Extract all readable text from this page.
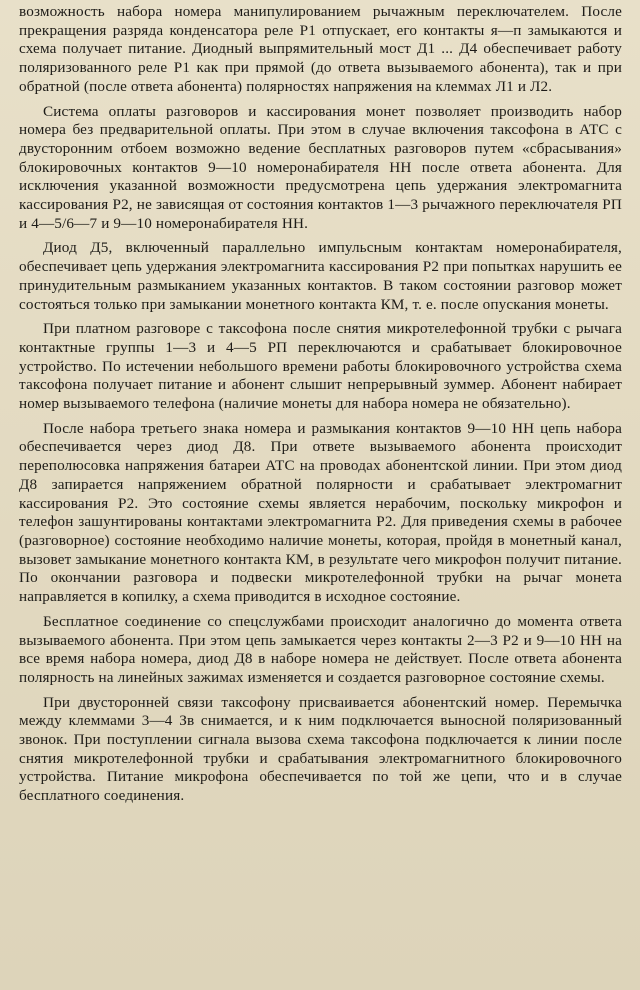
возможность набора номера манипулированием рычажным переключателем. После прекращения разряда конденсатора реле Р1 отпускает, его контакты я—п замыкаются и схема получает питание. Диодный выпрямительный мост Д1 ... Д4 обеспечивает работу поляризованного реле Р1 как при прямой (до ответа вызываемого абонента), так и при обратной (после ответа абонента) полярностях напряжения на клеммах Л1 и Л2.

Система оплаты разговоров и кассирования монет позволяет производить набор номера без предварительной оплаты. При этом в случае включения таксофона в АТС с двусторонним отбоем возможно ведение бесплатных разговоров путем «сбрасывания» блокировочных контактов 9—10 номеронабирателя НН после ответа абонента. Для исключения указанной возможности предусмотрена цепь удержания электромагнита кассирования Р2, не зависящая от состояния контактов 1—3 рычажного переключателя РП и 4—5/6—7 и 9—10 номеронабирателя НН.

Диод Д5, включенный параллельно импульсным контактам номеронабирателя, обеспечивает цепь удержания электромагнита кассирования Р2 при попытках нарушить ее принудительным размыканием указанных контактов. В таком состоянии разговор может состояться только при замыкании монетного контакта КМ, т. е. после опускания монеты.

При платном разговоре с таксофона после снятия микротелефонной трубки с рычага контактные группы 1—3 и 4—5 РП переключаются и срабатывает блокировочное устройство. По истечении небольшого времени работы блокировочного устройства схема таксофона получает питание и абонент слышит непрерывный зуммер. Абонент набирает номер вызываемого телефона (наличие монеты для набора номера не обязательно).

После набора третьего знака номера и размыкания контактов 9—10 НН цепь набора обеспечивается через диод Д8. При ответе вызываемого абонента происходит переполюсовка напряжения батареи АТС на проводах абонентской линии. При этом диод Д8 запирается напряжением обратной полярности и срабатывает электромагнит кассирования Р2. Это состояние схемы является нерабочим, поскольку микрофон и телефон зашунтированы контактами электромагнита Р2. Для приведения схемы в рабочее (разговорное) состояние необходимо наличие монеты, которая, пройдя в монетный канал, вызовет замыкание монетного контакта КМ, в результате чего микрофон получит питание. По окончании разговора и подвески микротелефонной трубки на рычаг монета направляется в копилку, а схема приводится в исходное состояние.

Бесплатное соединение со спецслужбами происходит аналогично до момента ответа вызываемого абонента. При этом цепь замыкается через контакты 2—3 Р2 и 9—10 НН на все время набора номера, диод Д8 в наборе номера не действует. После ответа абонента полярность на линейных зажимах изменяется и создается разговорное состояние схемы.

При двусторонней связи таксофону присваивается абонентский номер. Перемычка между клеммами 3—4 Зв снимается, и к ним подключается выносной поляризованный звонок. При поступлении сигнала вызова схема таксофона подключается к линии после снятия микротелефонной трубки и срабатывания электромагнитного блокировочного устройства. Питание микрофона обеспечивается по той же цепи, что и в случае бесплатного соединения.
